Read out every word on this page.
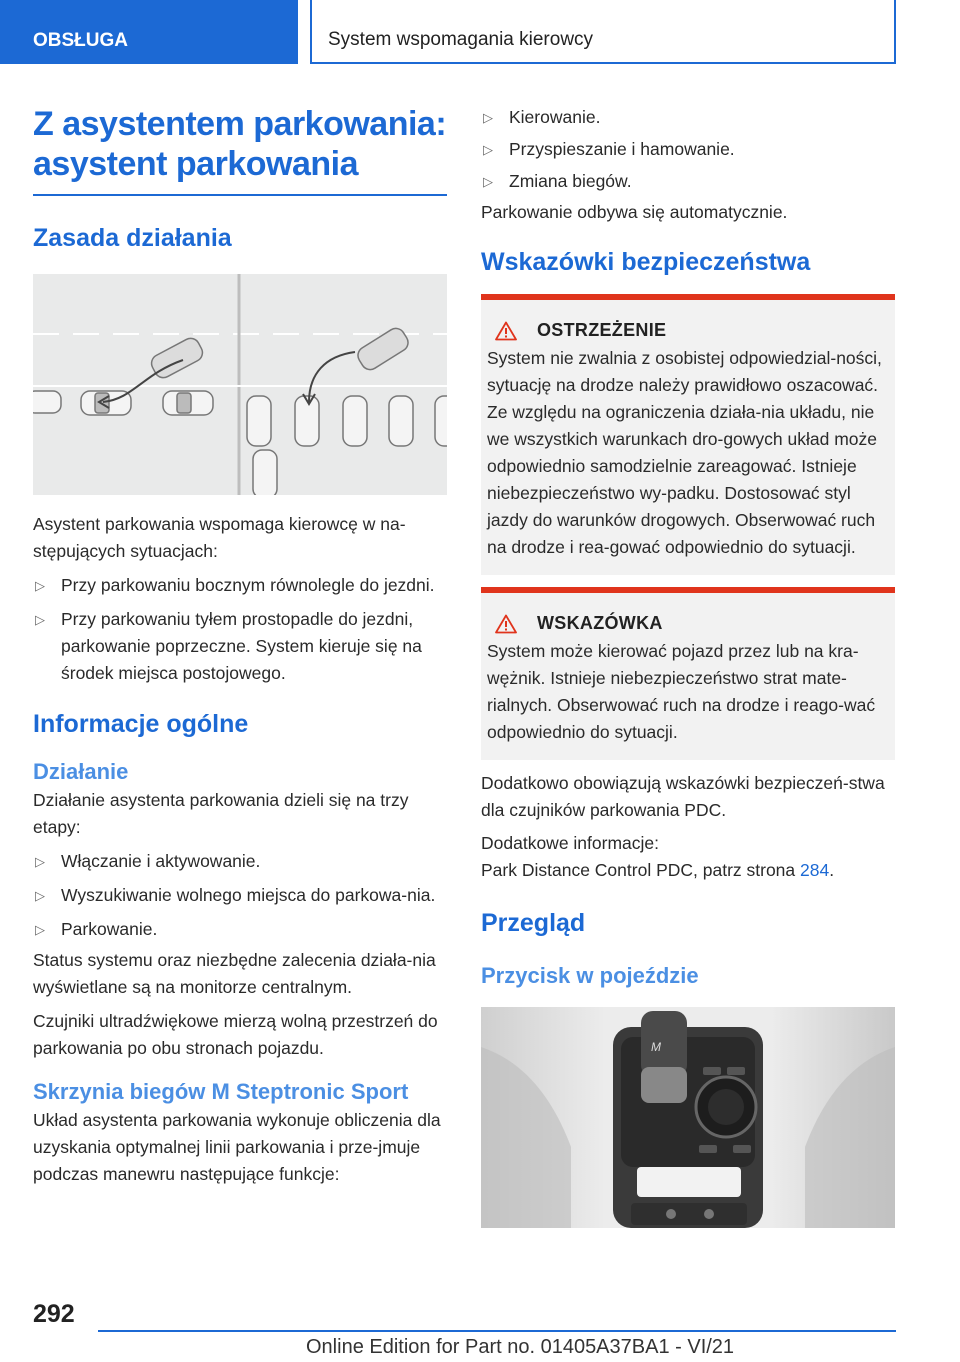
OBSŁUGA	System wspomagania kierowcy
Z asystentem parkowania: asystent parkowania
Zasada działania
Asystent parkowania wspomaga kierowcę w na-stępujących sytuacjach:
▷ Przy parkowaniu bocznym równolegle do jezdni.
▷ Przy parkowaniu tyłem prostopadle do jezdni, parkowanie poprzeczne. System kieruje się na środek miejsca postojowego.
Informacje ogólne
Działanie
Działanie asystenta parkowania dzieli się na trzy etapy:
▷ Włączanie i aktywowanie.
▷ Wyszukiwanie wolnego miejsca do parkowa-nia.
▷ Parkowanie.
Status systemu oraz niezbędne zalecenia działa-nia wyświetlane są na monitorze centralnym.
Czujniki ultradźwiękowe mierzą wolną przestrzeń do parkowania po obu stronach pojazdu.
Skrzynia biegów M Steptronic Sport
Układ asystenta parkowania wykonuje obliczenia dla uzyskania optymalnej linii parkowania i prze-jmuje podczas manewru następujące funkcje:
▷ Kierowanie.
▷ Przyspieszanie i hamowanie.
▷ Zmiana biegów.
Parkowanie odbywa się automatycznie.
Wskazówki bezpieczeństwa
OSTRZEŻENIE
System nie zwalnia z osobistej odpowiedzial-ności, sytuację na drodze należy prawidłowo oszacować. Ze względu na ograniczenia działa-nia układu, nie we wszystkich warunkach dro-gowych układ może odpowiednio samodzielnie zareagować. Istnieje niebezpieczeństwo wy-padku. Dostosować styl jazdy do warunków drogowych. Obserwować ruch na drodze i rea-gować odpowiednio do sytuacji.
WSKAZÓWKA
System może kierować pojazd przez lub na kra-wężnik. Istnieje niebezpieczeństwo strat mate-rialnych. Obserwować ruch na drodze i reago-wać odpowiednio do sytuacji.
Dodatkowo obowiązują wskazówki bezpieczeń-stwa dla czujników parkowania PDC.
Dodatkowe informacje:
Park Distance Control PDC, patrz strona 284.
Przegląd
Przycisk w pojeździe
M
292
Online Edition for Part no. 01405A37BA1 - VI/21
